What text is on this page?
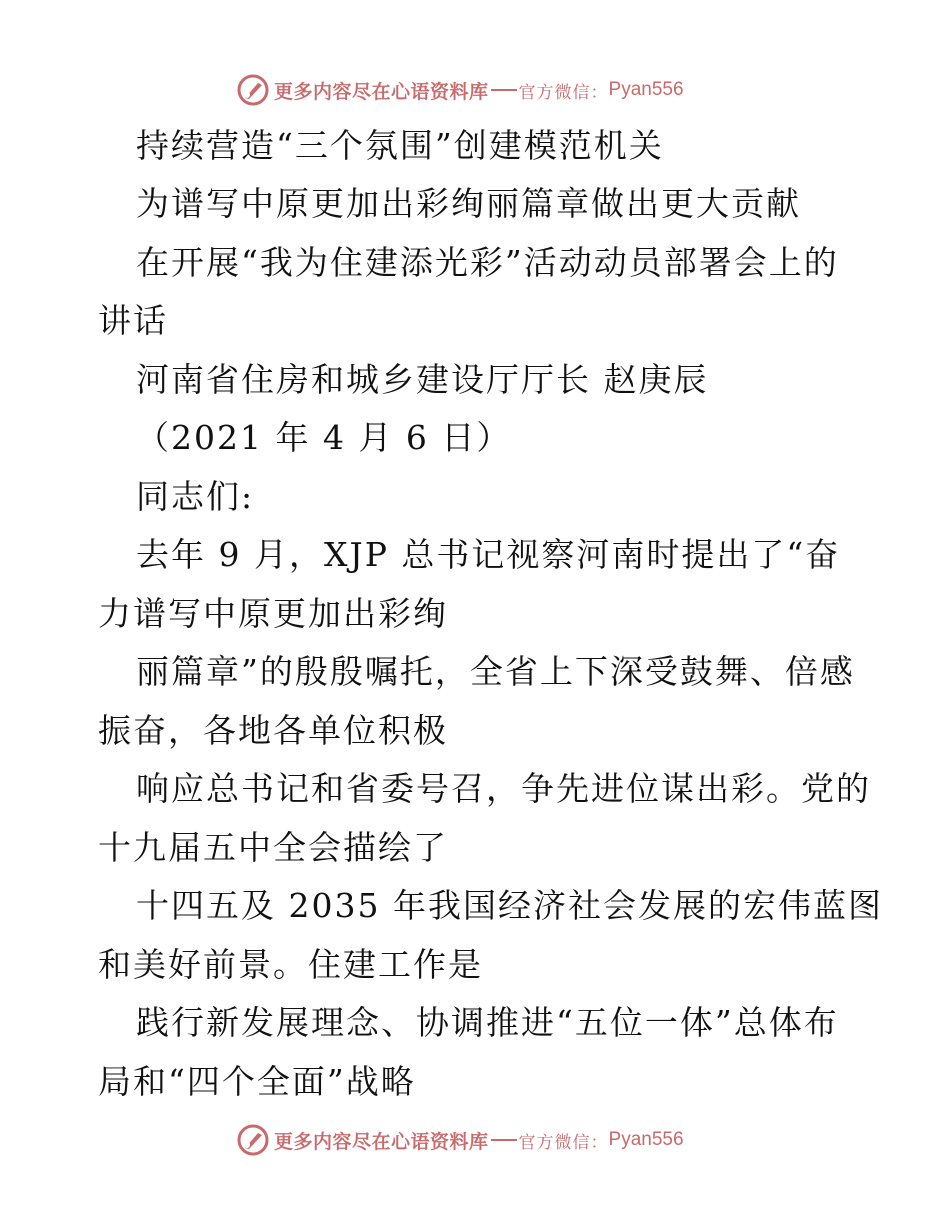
更多内容尽在心语资料库 官方微信： Pyan556
持续营造“三个氛围”创建模范机关
为谱写中原更加出彩绚丽篇章做出更大贡献
在开展“我为住建添光彩”活动动员部署会上的
讲话
河南省住房和城乡建设厅厅长 赵庚辰
（2021 年 4 月 6 日）
同志们:
去年 9 月，XJP 总书记视察河南时提出了“奋
力谱写中原更加出彩绚
丽篇章”的殷殷嘱托，全省上下深受鼓舞、倍感
振奋，各地各单位积极
响应总书记和省委号召，争先进位谋出彩。党的
十九届五中全会描绘了
十四五及 2035 年我国经济社会发展的宏伟蓝图
和美好前景。住建工作是
践行新发展理念、协调推进“五位一体”总体布
局和“四个全面”战略
更多内容尽在心语资料库 官方微信： Pyan556
